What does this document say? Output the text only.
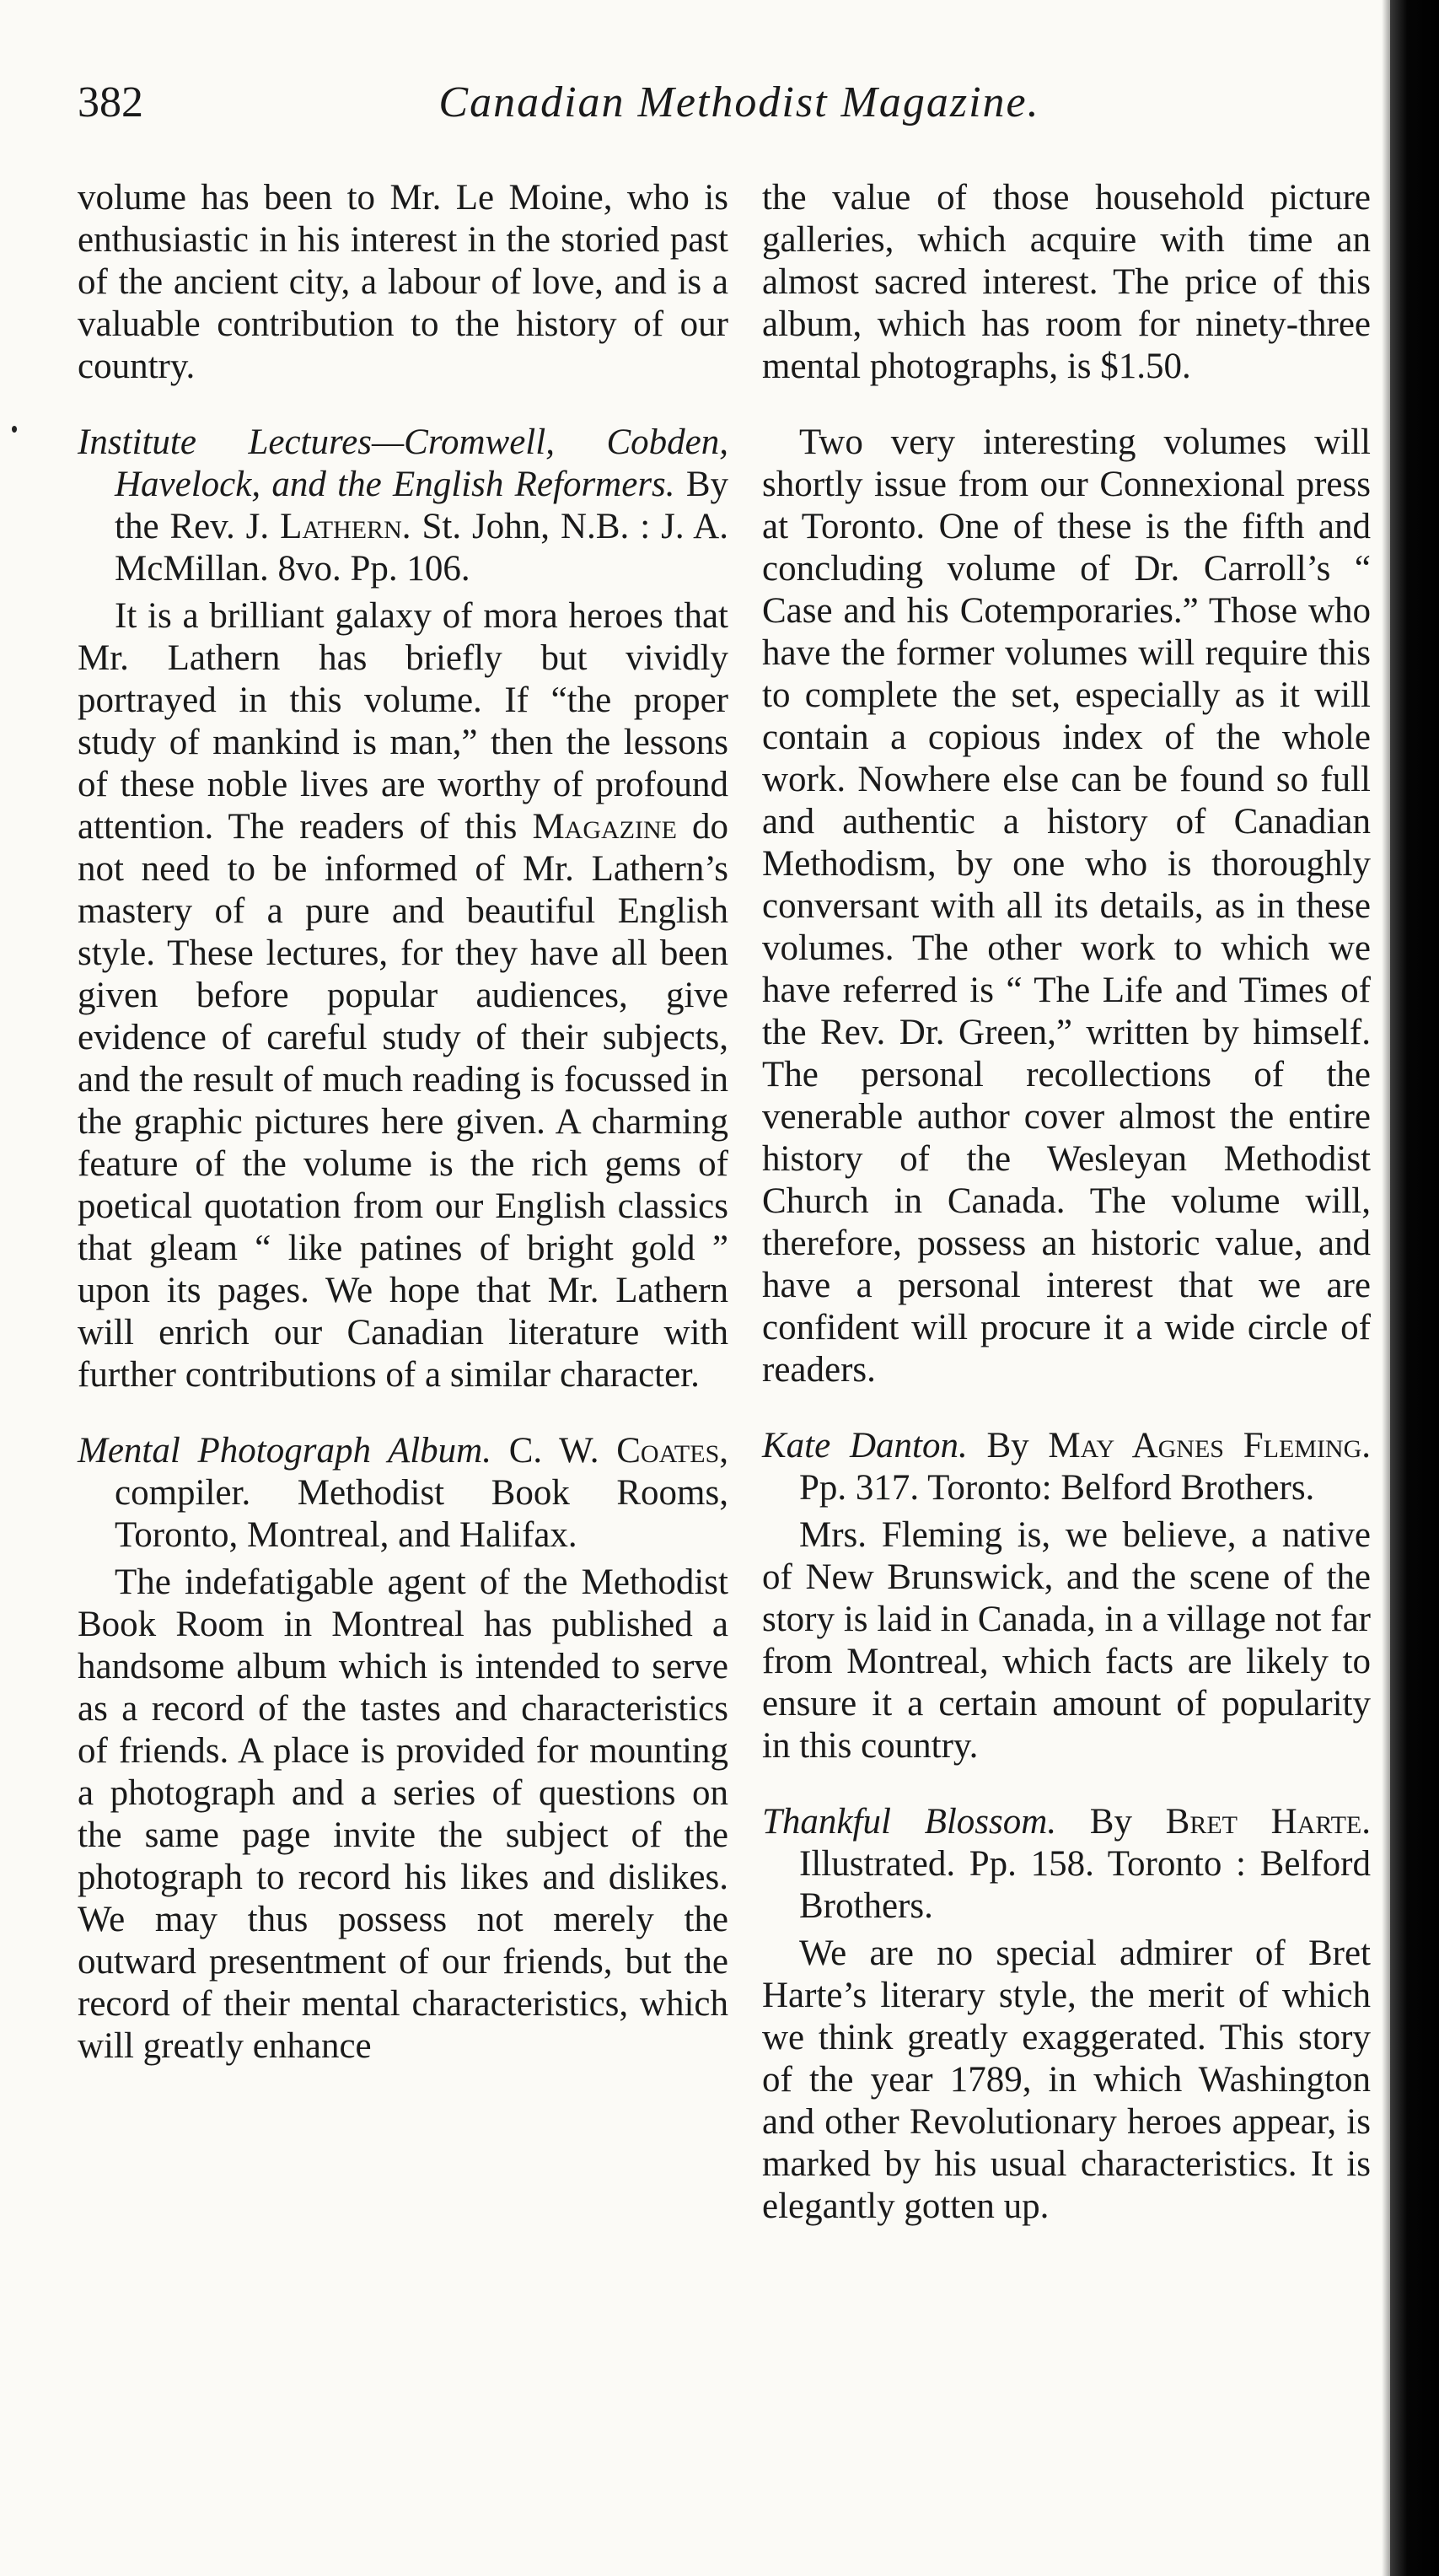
382	Canadian Methodist Magazine.

volume has been to Mr. Le Moine, who is enthusiastic in his interest in the storied past of the ancient city, a labour of love, and is a valuable contribution to the history of our country.

Institute Lectures—Cromwell, Cobden, Havelock, and the English Reformers. By the Rev. J. Lathern. St. John, N.B. : J. A. McMillan. 8vo. Pp. 106.

It is a brilliant galaxy of mora heroes that Mr. Lathern has briefly but vividly portrayed in this volume. If “the proper study of mankind is man,” then the lessons of these noble lives are worthy of profound attention. The readers of this Magazine do not need to be informed of Mr. Lathern’s mastery of a pure and beautiful English style. These lectures, for they have all been given before popular audiences, give evidence of careful study of their subjects, and the result of much reading is focussed in the graphic pictures here given. A charming feature of the volume is the rich gems of poetical quotation from our English classics that gleam “ like patines of bright gold ” upon its pages. We hope that Mr. Lathern will enrich our Canadian literature with further contributions of a similar character.

Mental Photograph Album. C. W. Coates, compiler. Methodist Book Rooms, Toronto, Montreal, and Halifax.

The indefatigable agent of the Methodist Book Room in Montreal has published a handsome album which is intended to serve as a record of the tastes and characteristics of friends. A place is provided for mounting a photograph and a series of questions on the same page invite the subject of the photograph to record his likes and dislikes. We may thus possess not merely the outward presentment of our friends, but the record of their mental characteristics, which will greatly enhance

the value of those household picture galleries, which acquire with time an almost sacred interest. The price of this album, which has room for ninety-three mental photographs, is $1.50.

Two very interesting volumes will shortly issue from our Connexional press at Toronto. One of these is the fifth and concluding volume of Dr. Carroll’s “ Case and his Cotemporaries.” Those who have the former volumes will require this to complete the set, especially as it will contain a copious index of the whole work. Nowhere else can be found so full and authentic a history of Canadian Methodism, by one who is thoroughly conversant with all its details, as in these volumes. The other work to which we have referred is “ The Life and Times of the Rev. Dr. Green,” written by himself. The personal recollections of the venerable author cover almost the entire history of the Wesleyan Methodist Church in Canada. The volume will, therefore, possess an historic value, and have a personal interest that we are confident will procure it a wide circle of readers.

Kate Danton. By May Agnes Fleming. Pp. 317. Toronto: Belford Brothers.

Mrs. Fleming is, we believe, a native of New Brunswick, and the scene of the story is laid in Canada, in a village not far from Montreal, which facts are likely to ensure it a certain amount of popularity in this country.

Thankful Blossom. By Bret Harte. Illustrated. Pp. 158. Toronto : Belford Brothers.

We are no special admirer of Bret Harte’s literary style, the merit of which we think greatly exaggerated. This story of the year 1789, in which Washington and other Revolutionary heroes appear, is marked by his usual characteristics. It is elegantly gotten up.
